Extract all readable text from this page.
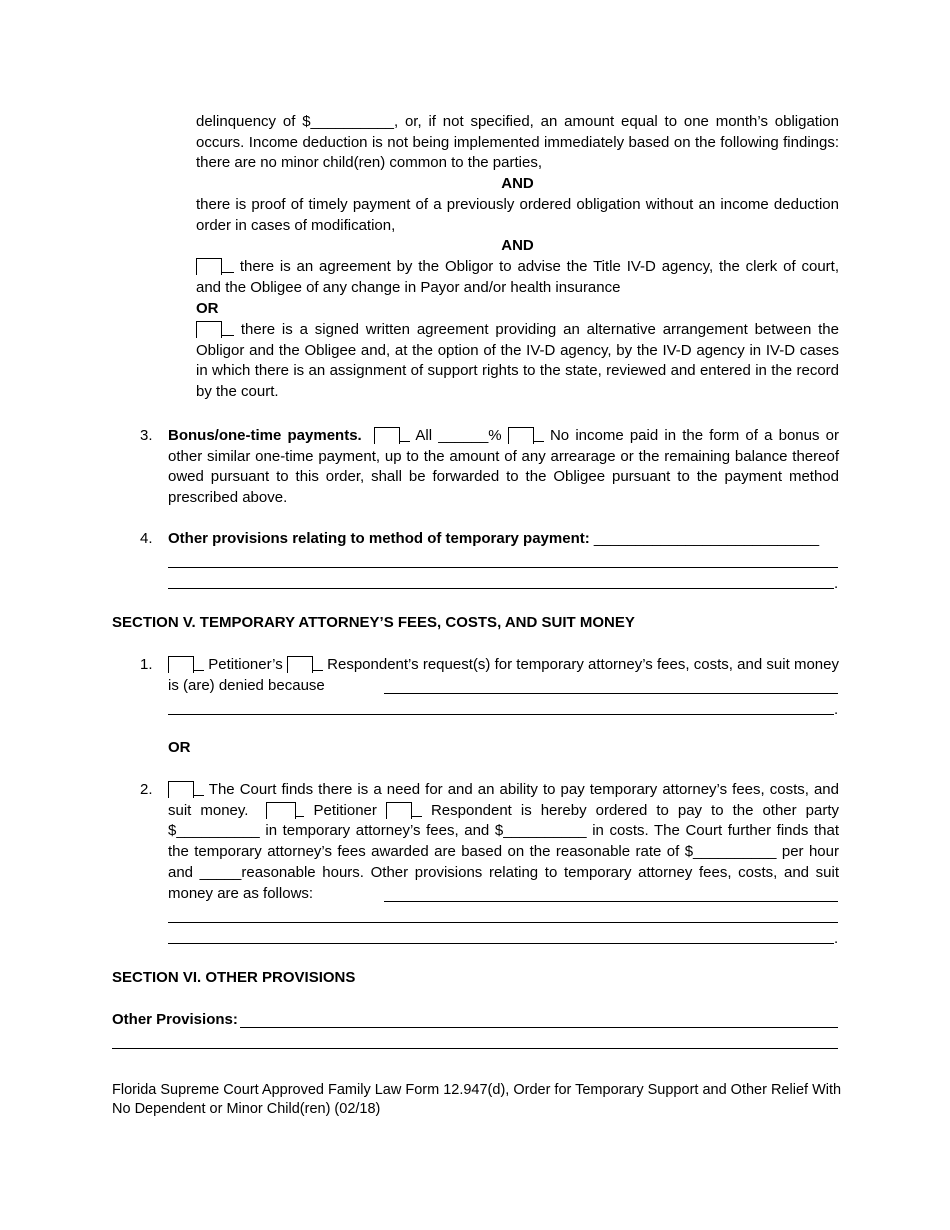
delinquency of $__________, or, if not specified, an amount equal to one month’s obligation occurs. Income deduction is not being implemented immediately based on the following findings: there are no minor child(ren) common to the parties,

AND

there is proof of timely payment of a previously ordered obligation without an income deduction order in cases of modification,

AND

there is an agreement by the Obligor to advise the Title IV-D agency, the clerk of court, and the Obligee of any change in Payor and/or health insurance

OR

there is a signed written agreement providing an alternative arrangement between the Obligor and the Obligee and, at the option of the IV-D agency, by the IV-D agency in IV-D cases in which there is an assignment of support rights to the state, reviewed and entered in the record by the court.

3. Bonus/one-time payments.	All ______%	No income paid in the form of a bonus or other similar one-time payment, up to the amount of any arrearage or the remaining balance thereof owed pursuant to this order, shall be forwarded to the Obligee pursuant to the payment method prescribed above.

4. Other provisions relating to method of temporary payment: ___________________________
.
SECTION V. TEMPORARY ATTORNEY’S FEES, COSTS, AND SUIT MONEY
1.	Petitioner’s	Respondent’s request(s) for temporary attorney’s fees, costs, and suit money is (are) denied because

.
OR
2.	The Court finds there is a need for and an ability to pay temporary attorney’s fees, costs, and suit money.	Petitioner	Respondent is hereby ordered to pay to the other party $__________ in temporary attorney’s fees, and $__________ in costs. The Court further finds that the temporary attorney’s fees awarded are based on the reasonable rate of $__________ per hour and _____reasonable hours. Other provisions relating to temporary attorney fees, costs, and suit money are as follows:

.
SECTION VI. OTHER PROVISIONS
Other Provisions:
Florida Supreme Court Approved Family Law Form 12.947(d), Order for Temporary Support and Other Relief With
No Dependent or Minor Child(ren) (02/18)
